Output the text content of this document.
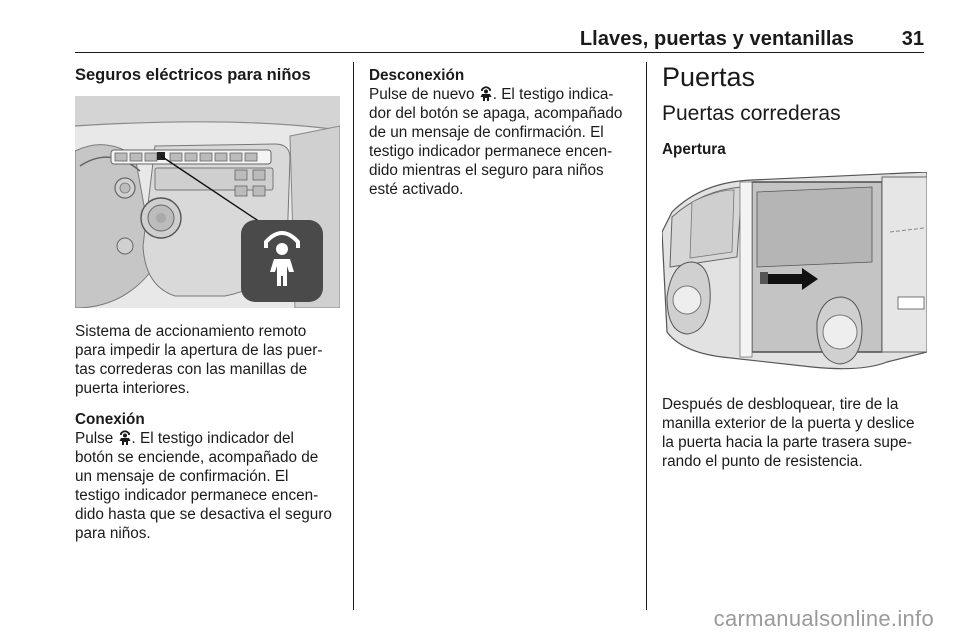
Llaves, puertas y ventanillas 31
Seguros eléctricos para niños
Sistema de accionamiento remoto
para impedir la apertura de las puer-
tas correderas con las manillas de
puerta interiores.
Conexión
Pulse . El testigo indicador del
botón se enciende, acompañado de
un mensaje de confirmación. El
testigo indicador permanece encen-
dido hasta que se desactiva el seguro
para niños.
Desconexión
Pulse de nuevo . El testigo indica-
dor del botón se apaga, acompañado
de un mensaje de confirmación. El
testigo indicador permanece encen-
dido mientras el seguro para niños
esté activado.
Puertas
Puertas correderas
Apertura
Después de desbloquear, tire de la
manilla exterior de la puerta y deslice
la puerta hacia la parte trasera supe-
rando el punto de resistencia.
carmanualsonline.info
